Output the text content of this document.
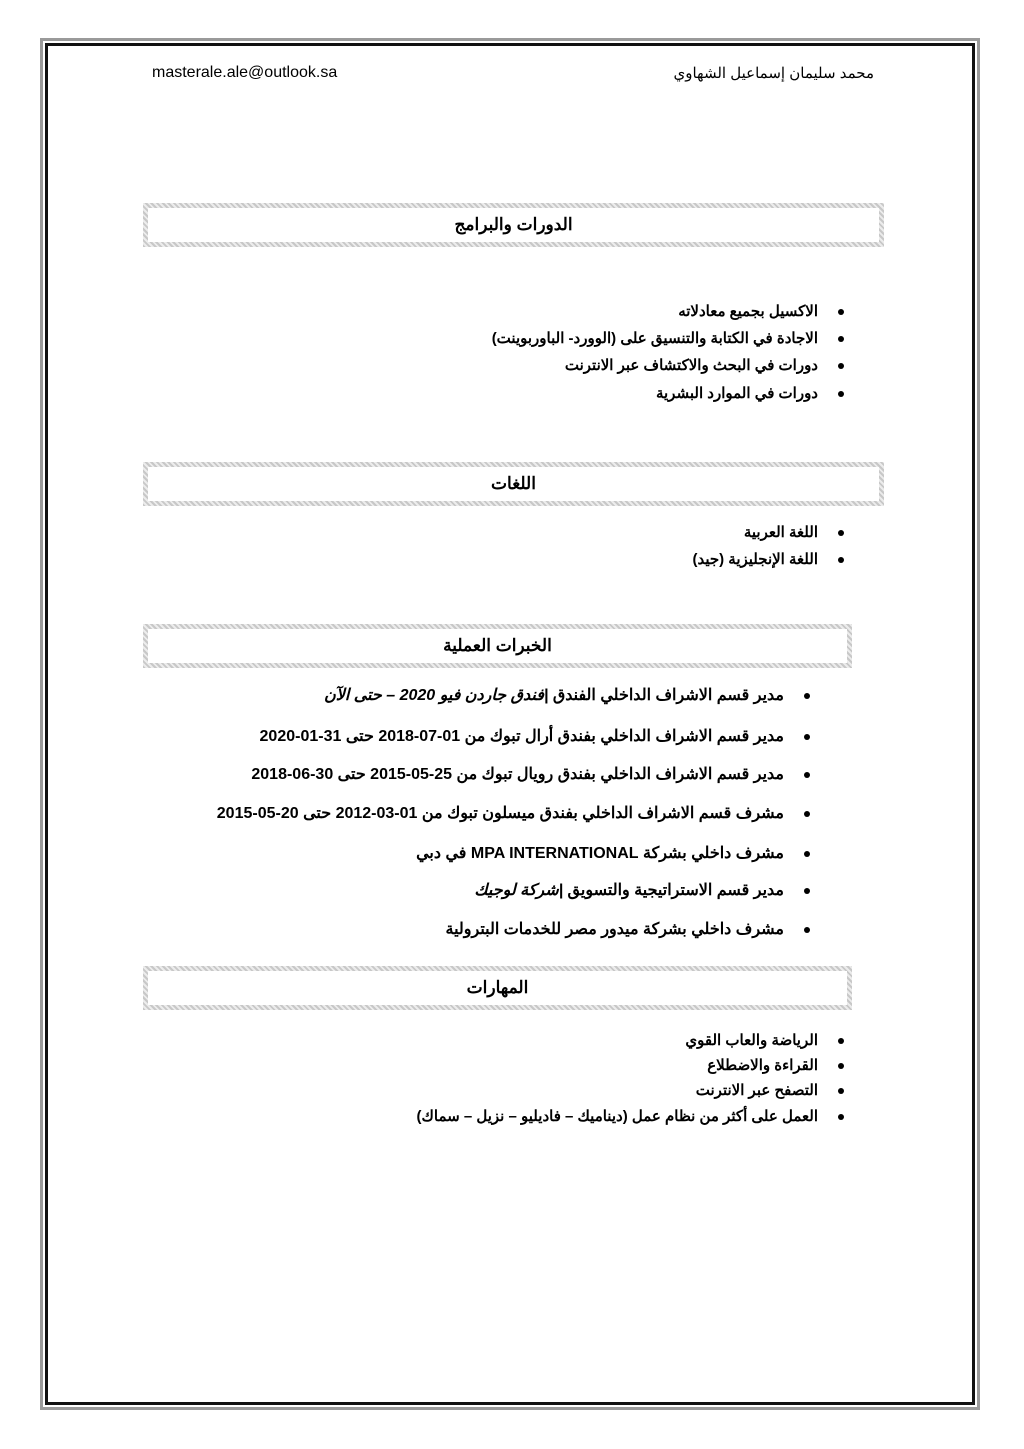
masterale.ale@outlook.sa	محمد سليمان إسماعيل الشهاوي
الدورات والبرامج
الاكسيل بجميع معادلاته
الاجادة في الكتابة والتنسيق على (الوورد- الباوربوينت)
دورات في البحث والاكتشاف عبر الانترنت
دورات في الموارد البشرية
اللغات
اللغة العربية
اللغة الإنجليزية (جيد)
الخبرات العملية
مدير قسم الاشراف الداخلي الفندق |فندق جاردن فيو 2020 – حتى الآن
مدير قسم الاشراف الداخلي بفندق أرال تبوك من 01-07-2018 حتى 31-01-2020
مدير قسم الاشراف الداخلي بفندق رويال تبوك من 25-05-2015 حتى 30-06-2018
مشرف قسم الاشراف الداخلي بفندق ميسلون تبوك من 01-03-2012 حتى 20-05-2015
مشرف داخلي بشركة MPA INTERNATIONAL في دبي
مدير قسم الاستراتيجية والتسويق |شركة لوجيك
مشرف داخلي بشركة ميدور مصر للخدمات البترولية
المهارات
الرياضة والعاب القوي
القراءة والاضطلاع
التصفح عبر الانترنت
العمل على أكثر من نظام عمل (ديناميك – فاديليو – نزيل – سماك)
